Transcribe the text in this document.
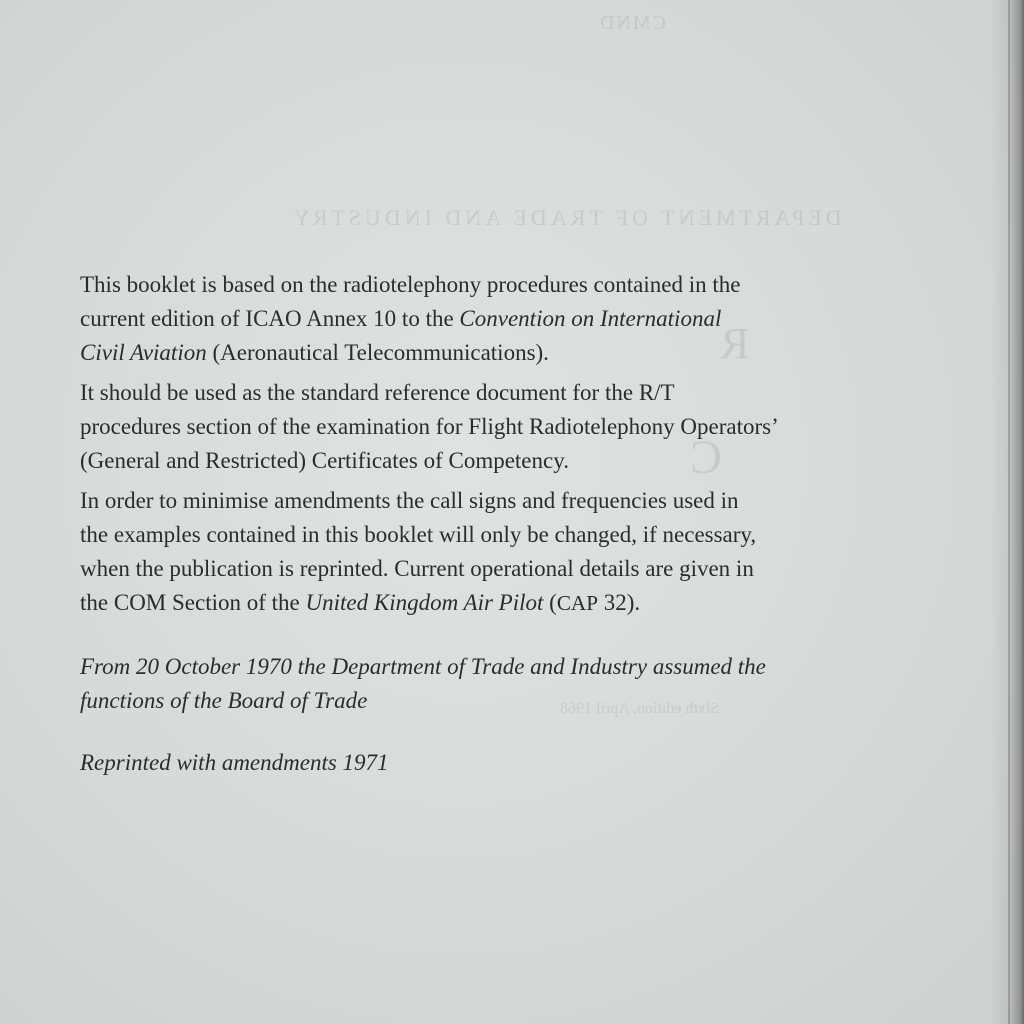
CMND
DEPARTMENT OF TRADE AND INDUSTRY
R
C
Sixth edition, April 1968

This booklet is based on the radiotelephony procedures contained in the
current edition of ICAO Annex 10 to the Convention on International
Civil Aviation (Aeronautical Telecommunications).

It should be used as the standard reference document for the R/T
procedures section of the examination for Flight Radiotelephony Operators’
(General and Restricted) Certificates of Competency.

In order to minimise amendments the call signs and frequencies used in
the examples contained in this booklet will only be changed, if necessary,
when the publication is reprinted. Current operational details are given in
the COM Section of the United Kingdom Air Pilot (CAP 32).

From 20 October 1970 the Department of Trade and Industry assumed the
functions of the Board of Trade

Reprinted with amendments 1971
